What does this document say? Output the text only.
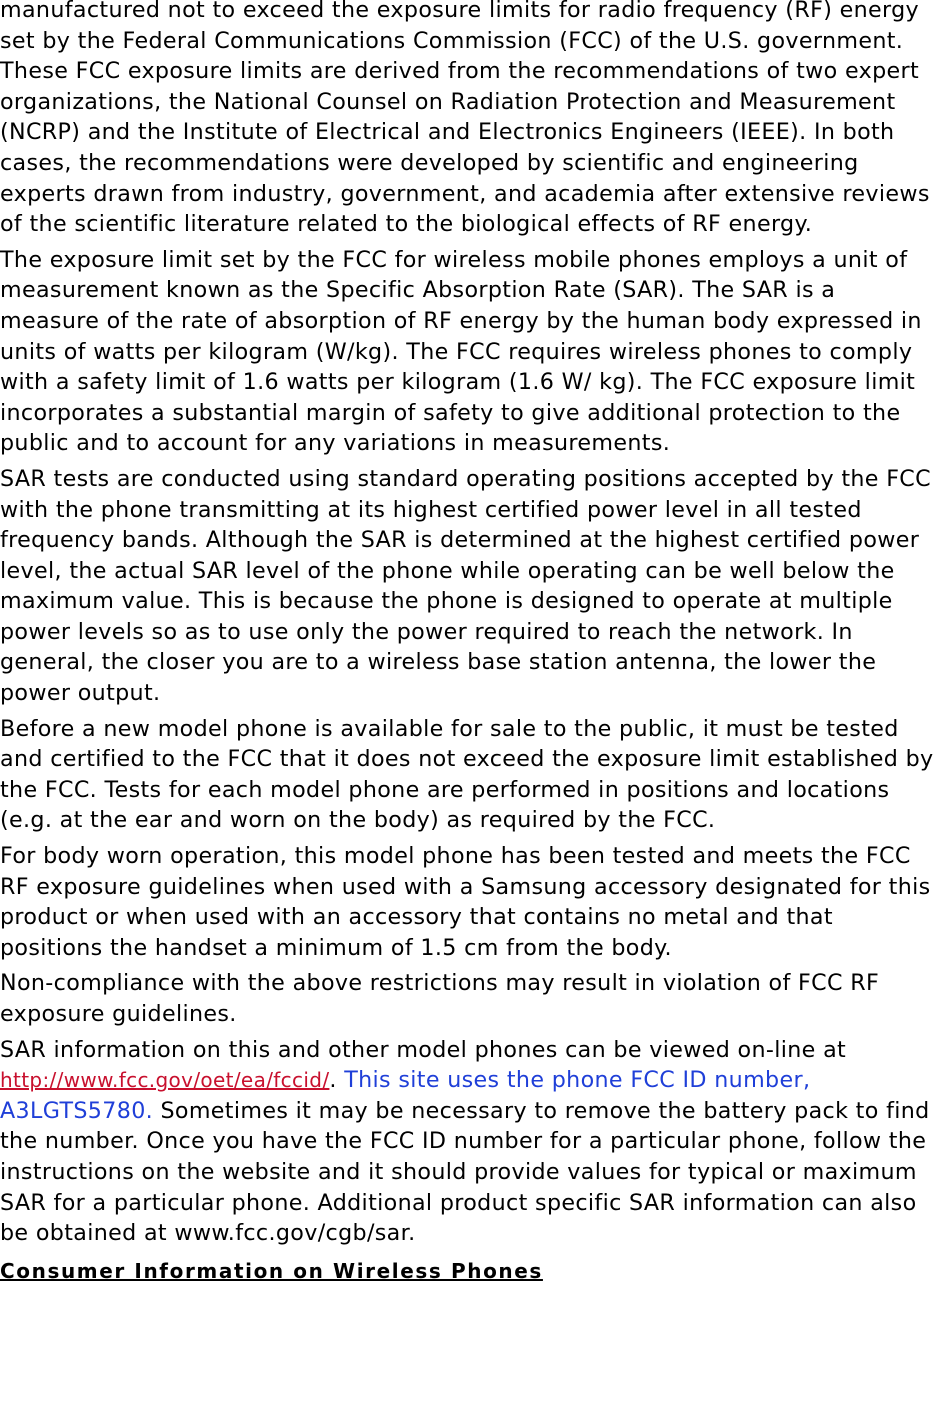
manufactured not to exceed the exposure limits for radio frequency (RF) energy set by the Federal Communications Commission (FCC) of the U.S. government. These FCC exposure limits are derived from the recommendations of two expert organizations, the National Counsel on Radiation Protection and Measurement (NCRP) and the Institute of Electrical and Electronics Engineers (IEEE). In both cases, the recommendations were developed by scientific and engineering experts drawn from industry, government, and academia after extensive reviews of the scientific literature related to the biological effects of RF energy.

The exposure limit set by the FCC for wireless mobile phones employs a unit of measurement known as the Specific Absorption Rate (SAR). The SAR is a measure of the rate of absorption of RF energy by the human body expressed in units of watts per kilogram (W/kg). The FCC requires wireless phones to comply with a safety limit of 1.6 watts per kilogram (1.6 W/ kg). The FCC exposure limit incorporates a substantial margin of safety to give additional protection to the public and to account for any variations in measurements.

SAR tests are conducted using standard operating positions accepted by the FCC with the phone transmitting at its highest certified power level in all tested frequency bands. Although the SAR is determined at the highest certified power level, the actual SAR level of the phone while operating can be well below the maximum value. This is because the phone is designed to operate at multiple power levels so as to use only the power required to reach the network. In general, the closer you are to a wireless base station antenna, the lower the power output.

Before a new model phone is available for sale to the public, it must be tested and certified to the FCC that it does not exceed the exposure limit established by the FCC. Tests for each model phone are performed in positions and locations (e.g. at the ear and worn on the body) as required by the FCC.

For body worn operation, this model phone has been tested and meets the FCC RF exposure guidelines when used with a Samsung accessory designated for this product or when used with an accessory that contains no metal and that positions the handset a minimum of 1.5 cm from the body.

Non-compliance with the above restrictions may result in violation of FCC RF exposure guidelines.

SAR information on this and other model phones can be viewed on-line at http://www.fcc.gov/oet/ea/fccid/. This site uses the phone FCC ID number, A3LGTS5780. Sometimes it may be necessary to remove the battery pack to find the number. Once you have the FCC ID number for a particular phone, follow the instructions on the website and it should provide values for typical or maximum SAR for a particular phone. Additional product specific SAR information can also be obtained at www.fcc.gov/cgb/sar.

Consumer Information on Wireless Phones
